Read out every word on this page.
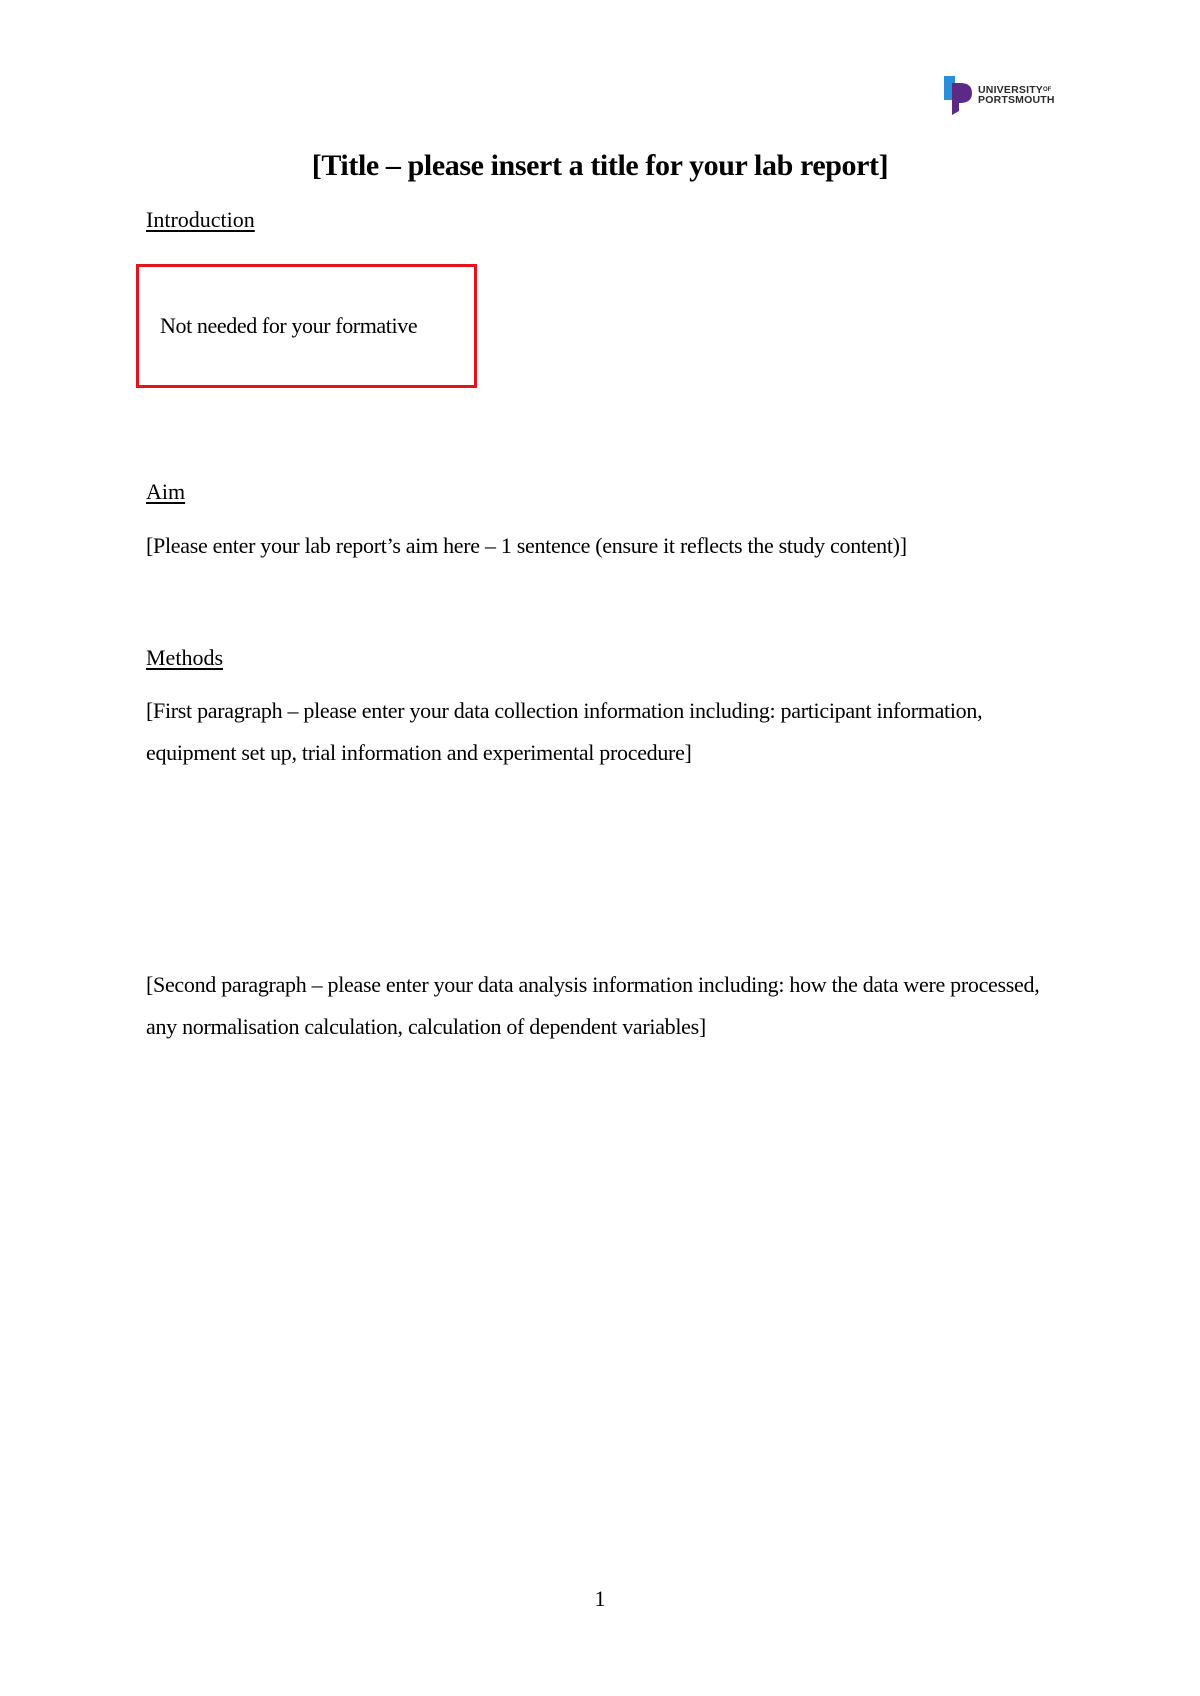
$UNIVERSITY^{OF}$
PORTSMOUTH
[Title – please insert a title for your lab report]
Introduction
Not needed for your formative
Aim
[Please enter your lab report’s aim here – 1 sentence (ensure it reflects the study content)]
Methods
[First paragraph – please enter your data collection information including: participant information, equipment set up, trial information and experimental procedure]
[Second paragraph – please enter your data analysis information including: how the data were processed, any normalisation calculation, calculation of dependent variables]
1
